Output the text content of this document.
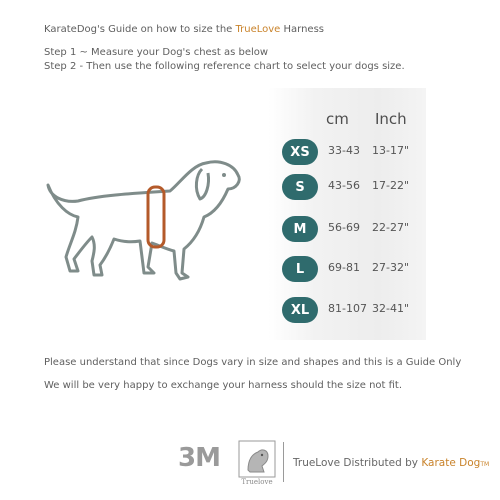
KarateDog's Guide on how to size the TrueLove Harness
Step 1 ~ Measure your Dog's chest as below
Step 2 - Then use the following reference chart to select your dogs size.
cm Inch
XS	33-43 13-17"
S	43-56 17-22"
M	56-69 22-27"
L	69-81 27-32"
XL	81-107 32-41"
Please understand that since Dogs vary in size and shapes and this is a Guide Only
We will be very happy to exchange your harness should the size not fit.
3M
Truelove
TrueLove Distributed by Karate DogTM
